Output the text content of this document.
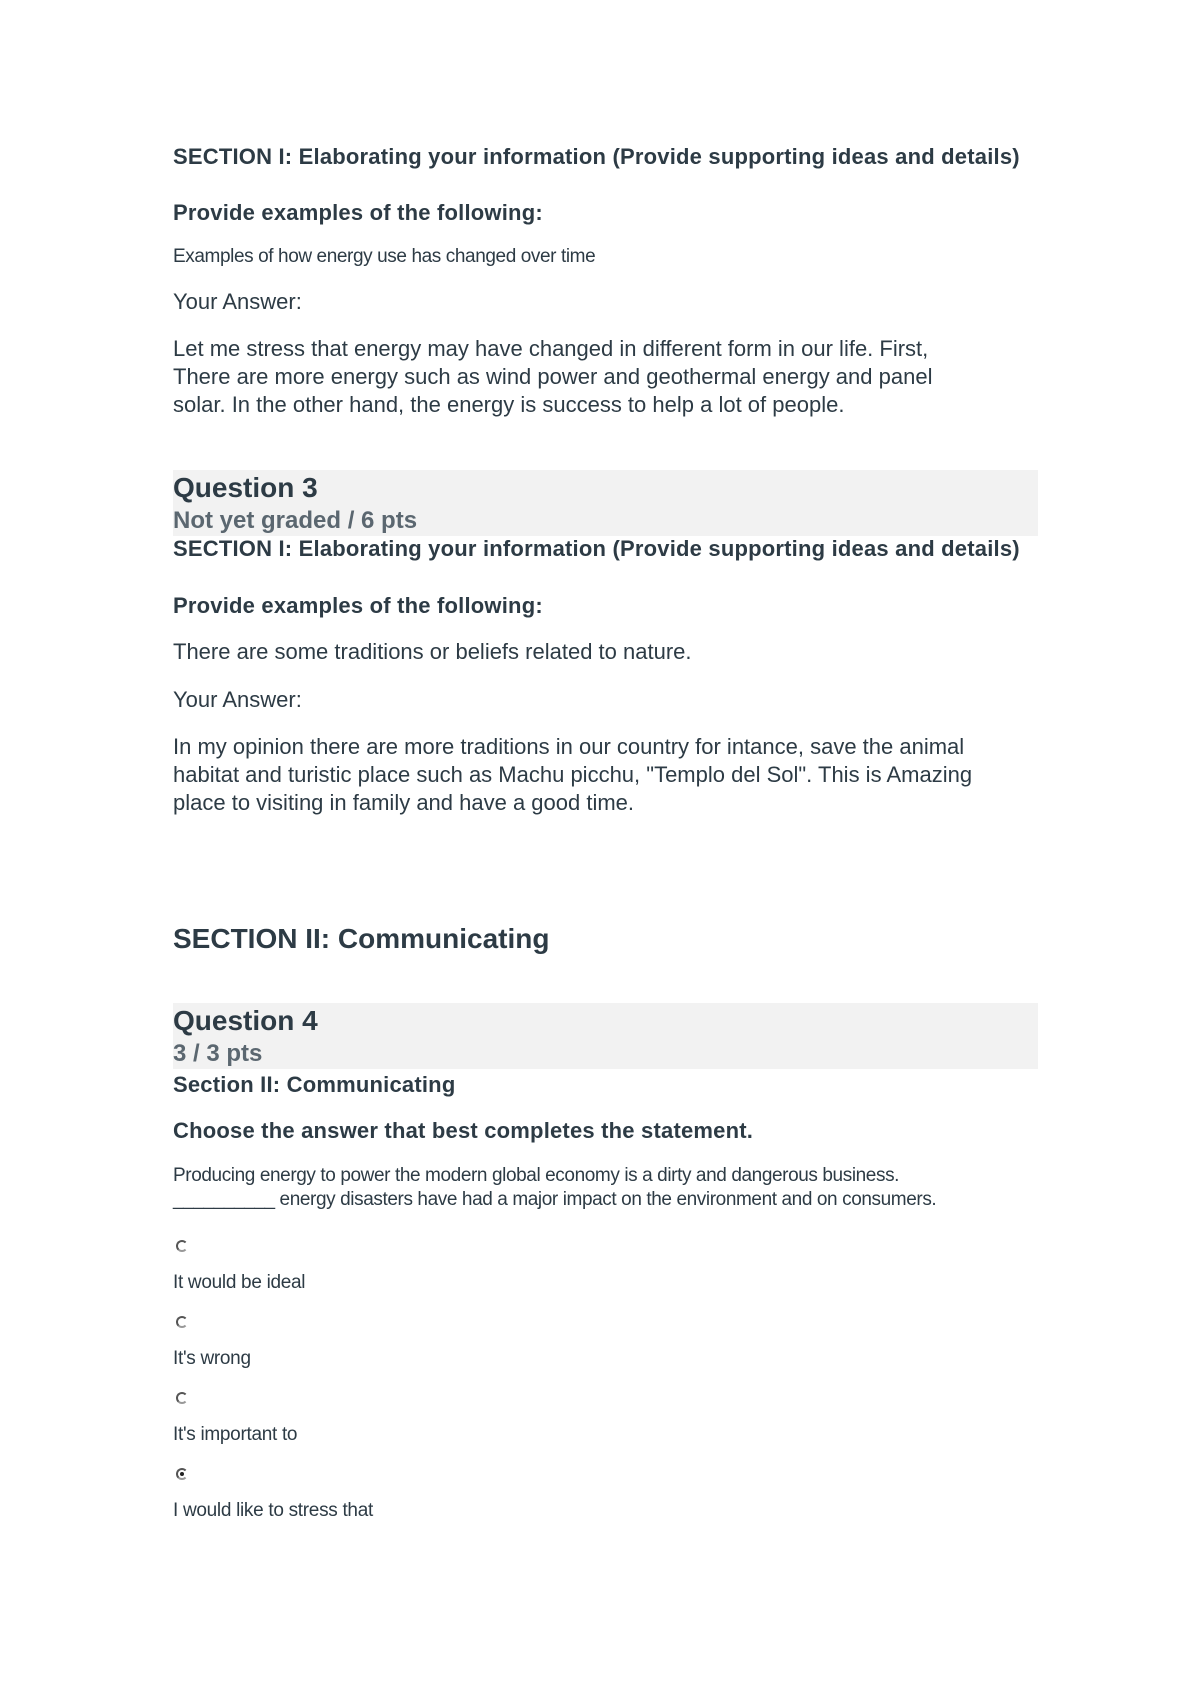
SECTION I: Elaborating your information (Provide supporting ideas and details)

Provide examples of the following:

Examples of how energy use has changed over time

Your Answer:

Let me stress that energy may have changed in different form in our life. First,
There are more energy such as wind power and geothermal energy and panel
solar. In the other hand, the energy is success to help a lot of people.
Question 3
Not yet graded / 6 pts

SECTION I: Elaborating your information (Provide supporting ideas and details)

Provide examples of the following:

There are some traditions or beliefs related to nature.

Your Answer:

In my opinion there are more traditions in our country for intance, save the animal
habitat and turistic place such as Machu picchu, "Templo del Sol". This is Amazing
place to visiting in family and have a good time.

SECTION II: Communicating

Question 4
3 / 3 pts

Section II: Communicating

Choose the answer that best completes the statement.

Producing energy to power the modern global economy is a dirty and dangerous business.
__________ energy disasters have had a major impact on the environment and on consumers.

It would be ideal

It's wrong

It's important to

I would like to stress that
